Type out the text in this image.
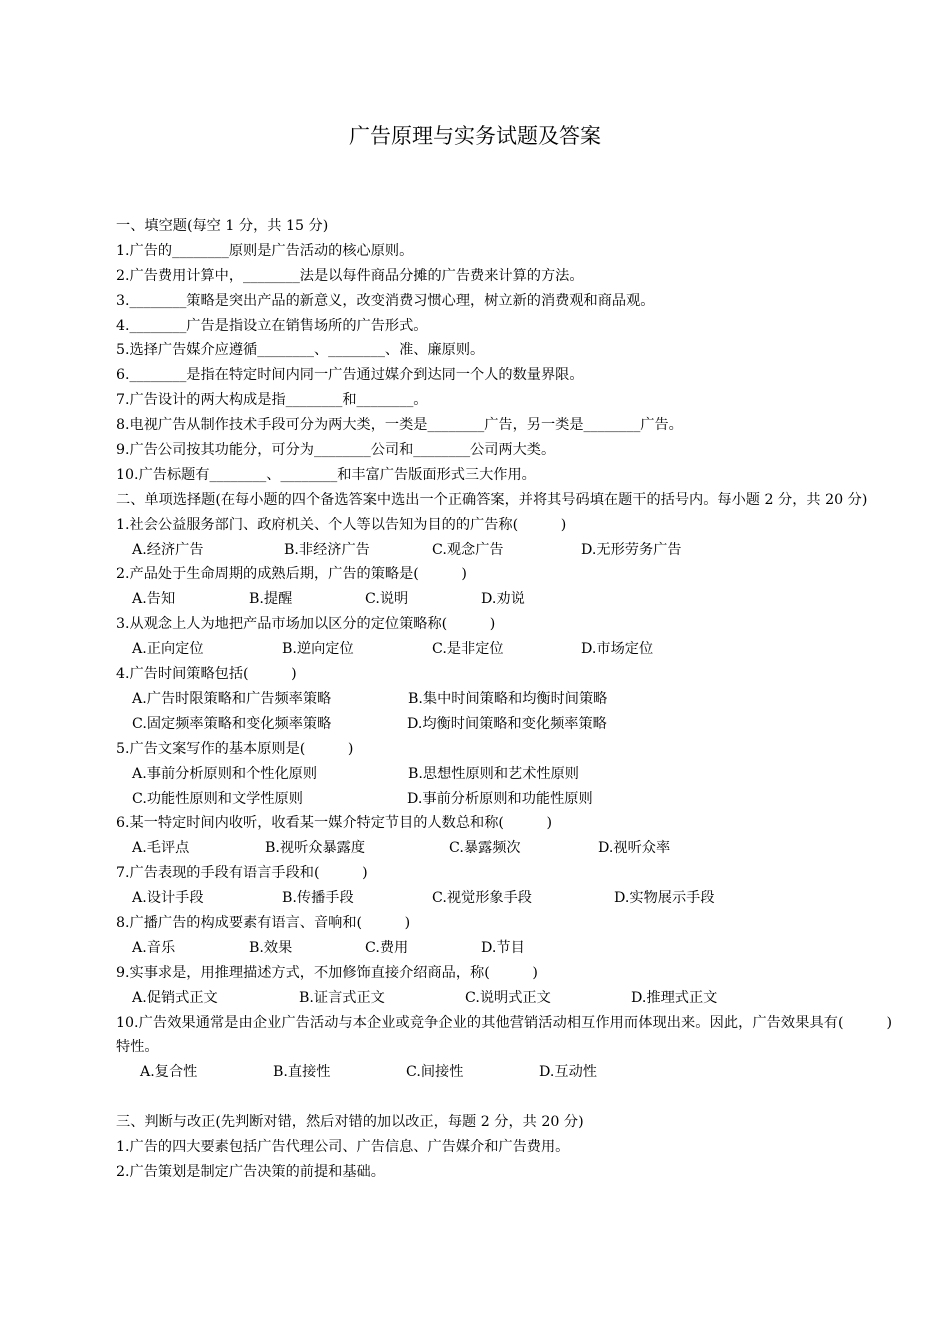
广告原理与实务试题及答案
一、填空题(每空 1 分，共 15 分)
1.广告的________原则是广告活动的核心原则。
2.广告费用计算中，________法是以每件商品分摊的广告费来计算的方法。
3.________策略是突出产品的新意义，改变消费习惯心理，树立新的消费观和商品观。
4.________广告是指设立在销售场所的广告形式。
5.选择广告媒介应遵循________、________、准、廉原则。
6.________是指在特定时间内同一广告通过媒介到达同一个人的数量界限。
7.广告设计的两大构成是指________和________。
8.电视广告从制作技术手段可分为两大类，一类是________广告，另一类是________广告。
9.广告公司按其功能分，可分为________公司和________公司两大类。
10.广告标题有________、________和丰富广告版面形式三大作用。
二、单项选择题(在每小题的四个备选答案中选出一个正确答案，并将其号码填在题干的括号内。每小题 2 分，共 20 分)
1.社会公益服务部门、政府机关、个人等以告知为目的的广告称(　　　)
A.经济广告	B.非经济广告	C.观念广告	D.无形劳务广告
2.产品处于生命周期的成熟后期，广告的策略是(　　　)
A.告知	B.提醒	C.说明	D.劝说
3.从观念上人为地把产品市场加以区分的定位策略称(　　　)
A.正向定位	B.逆向定位	C.是非定位	D.市场定位
4.广告时间策略包括(　　　)
A.广告时限策略和广告频率策略	B.集中时间策略和均衡时间策略
C.固定频率策略和变化频率策略	D.均衡时间策略和变化频率策略
5.广告文案写作的基本原则是(　　　)
A.事前分析原则和个性化原则	B.思想性原则和艺术性原则
C.功能性原则和文学性原则	D.事前分析原则和功能性原则
6.某一特定时间内收听，收看某一媒介特定节目的人数总和称(　　　)
A.毛评点	B.视听众暴露度	C.暴露频次	D.视听众率
7.广告表现的手段有语言手段和(　　　)
A.设计手段	B.传播手段	C.视觉形象手段	D.实物展示手段
8.广播广告的构成要素有语言、音响和(　　　)
A.音乐	B.效果	C.费用	D.节目
9.实事求是，用推理描述方式，不加修饰直接介绍商品，称(　　　)
A.促销式正文	B.证言式正文	C.说明式正文	D.推理式正文
10.广告效果通常是由企业广告活动与本企业或竞争企业的其他营销活动相互作用而体现出来。因此，广告效果具有(　　　)特性。
A.复合性	B.直接性	C.间接性	D.互动性
三、判断与改正(先判断对错，然后对错的加以改正，每题 2 分，共 20 分)
1.广告的四大要素包括广告代理公司、广告信息、广告媒介和广告费用。
2.广告策划是制定广告决策的前提和基础。
